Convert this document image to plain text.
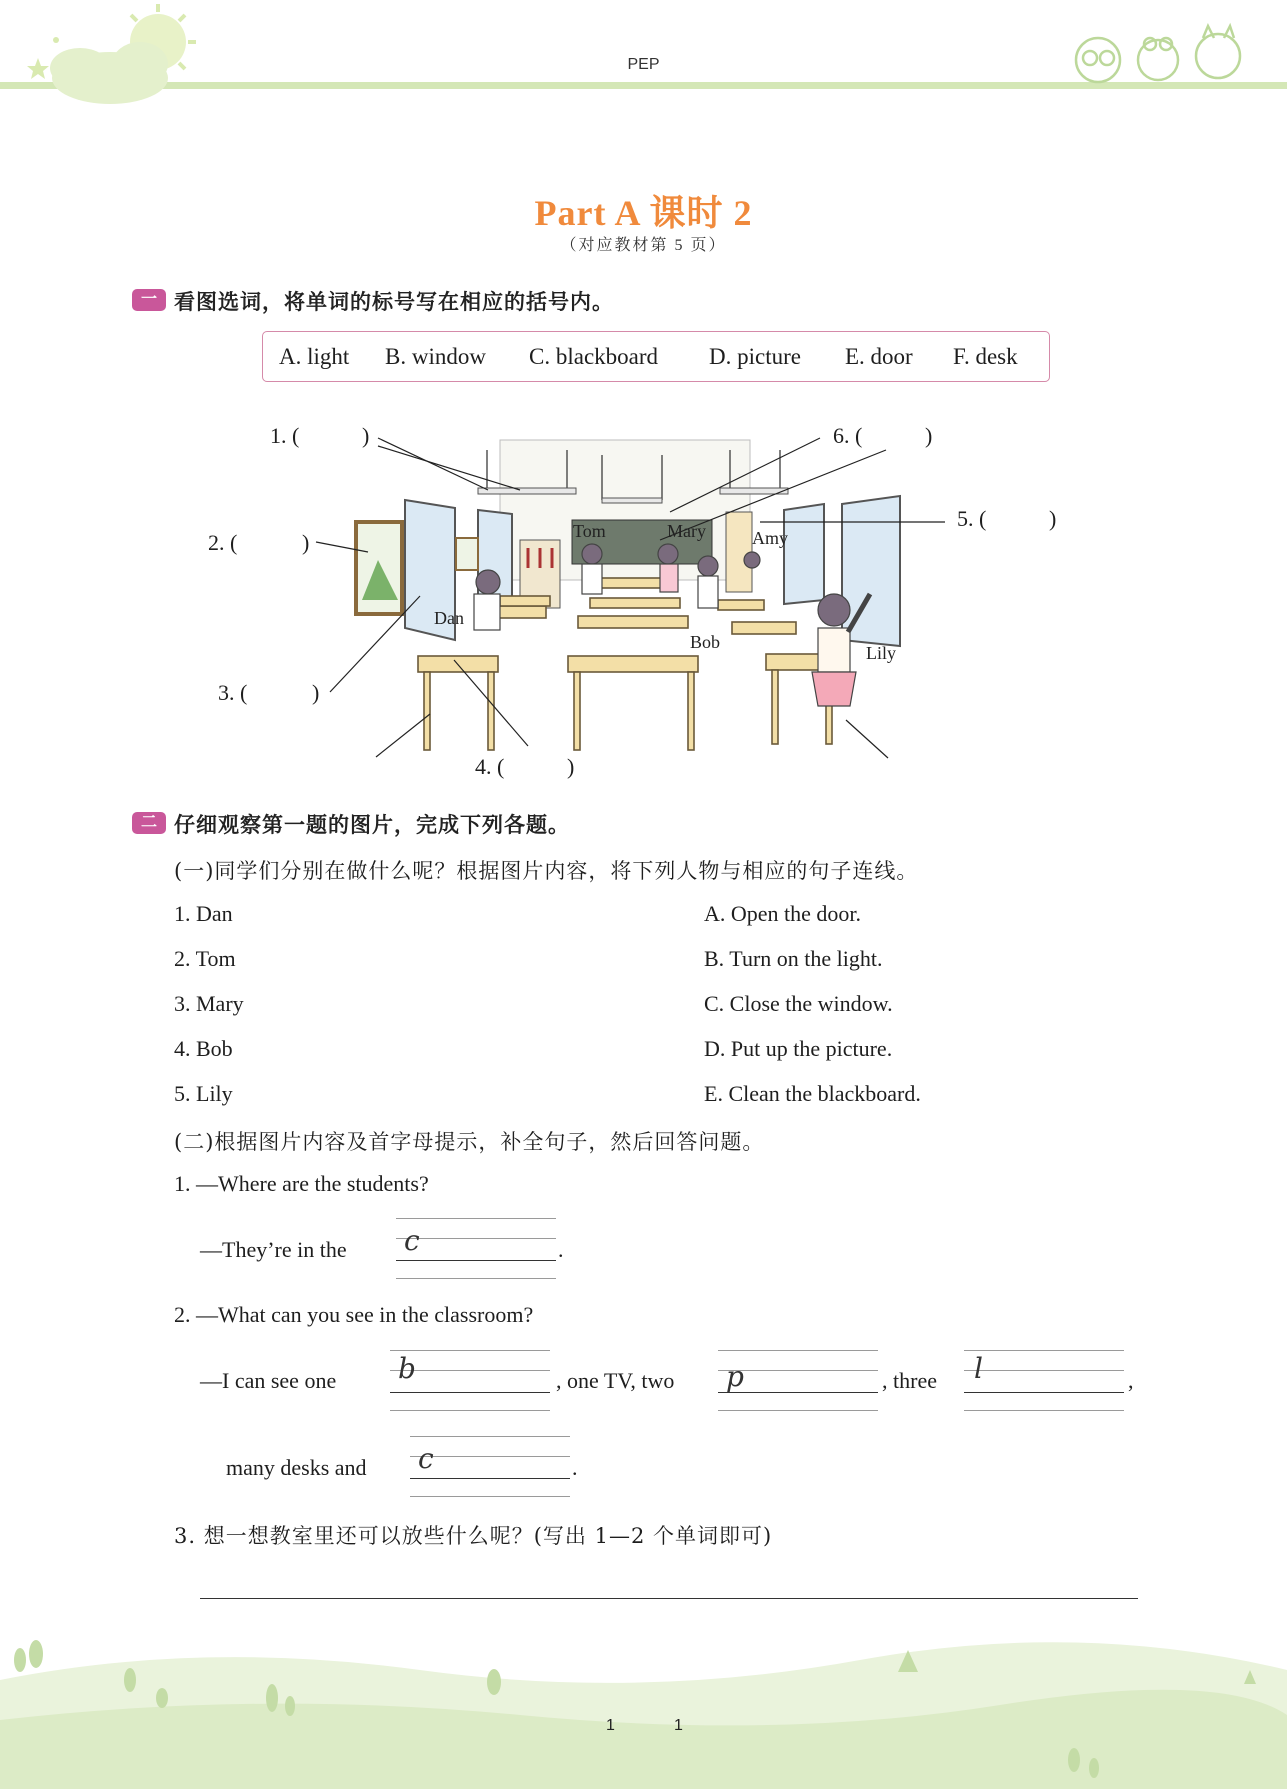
PEP
Part A 课时 2
（对应教材第 5 页）
一 看图选词，将单词的标号写在相应的括号内。
A. light B. window C. blackboard D. picture E. door F. desk
1. (	)
2. (	)
3. (	)
4. (	)
5. (	)
6. (	)
Tom	Mary	Amy
Dan
Bob
Lily
二 仔细观察第一题的图片，完成下列各题。
(一)同学们分别在做什么呢？根据图片内容，将下列人物与相应的句子连线。
1. Dan
2. Tom
3. Mary
4. Bob
5. Lily
A. Open the door.
B. Turn on the light.
C. Close the window.
D. Put up the picture.
E. Clean the blackboard.
(二)根据图片内容及首字母提示，补全句子，然后回答问题。
1. —Where are the students?
—They’re in the c	.
2. —What can you see in the classroom?
—I can see one b	, one TV, two p	, three l	,
many desks and c	.
3. 想一想教室里还可以放些什么呢？(写出 1—2 个单词即可)
1	1
